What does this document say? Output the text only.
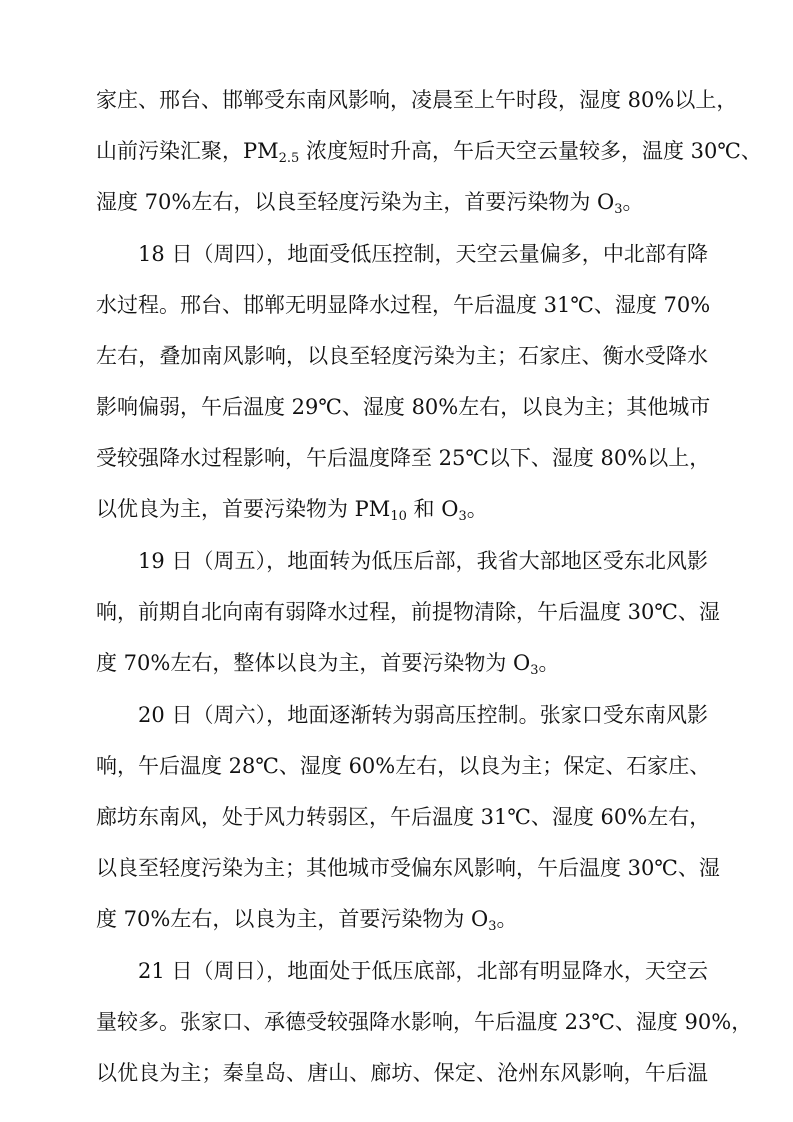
家庄、邢台、邯郸受东南风影响，凌晨至上午时段，湿度 80%以上，
山前污染汇聚，$PM_{2.5}$ 浓度短时升高，午后天空云量较多，温度 30℃、
湿度 70%左右，以良至轻度污染为主，首要污染物为 $O_3$。
18 日（周四），地面受低压控制，天空云量偏多，中北部有降
水过程。邢台、邯郸无明显降水过程，午后温度 31℃、湿度 70%
左右，叠加南风影响，以良至轻度污染为主；石家庄、衡水受降水
影响偏弱，午后温度 29℃、湿度 80%左右，以良为主；其他城市
受较强降水过程影响，午后温度降至 25℃以下、湿度 80%以上，
以优良为主，首要污染物为 $PM_{10}$ 和 $O_3$。
19 日（周五），地面转为低压后部，我省大部地区受东北风影
响，前期自北向南有弱降水过程，前提物清除，午后温度 30℃、湿
度 70%左右，整体以良为主，首要污染物为 $O_3$。
20 日（周六），地面逐渐转为弱高压控制。张家口受东南风影
响，午后温度 28℃、湿度 60%左右，以良为主；保定、石家庄、
廊坊东南风，处于风力转弱区，午后温度 31℃、湿度 60%左右，
以良至轻度污染为主；其他城市受偏东风影响，午后温度 30℃、湿
度 70%左右，以良为主，首要污染物为 $O_3$。
21 日（周日），地面处于低压底部，北部有明显降水，天空云
量较多。张家口、承德受较强降水影响，午后温度 23℃、湿度 90%，
以优良为主；秦皇岛、唐山、廊坊、保定、沧州东风影响，午后温
